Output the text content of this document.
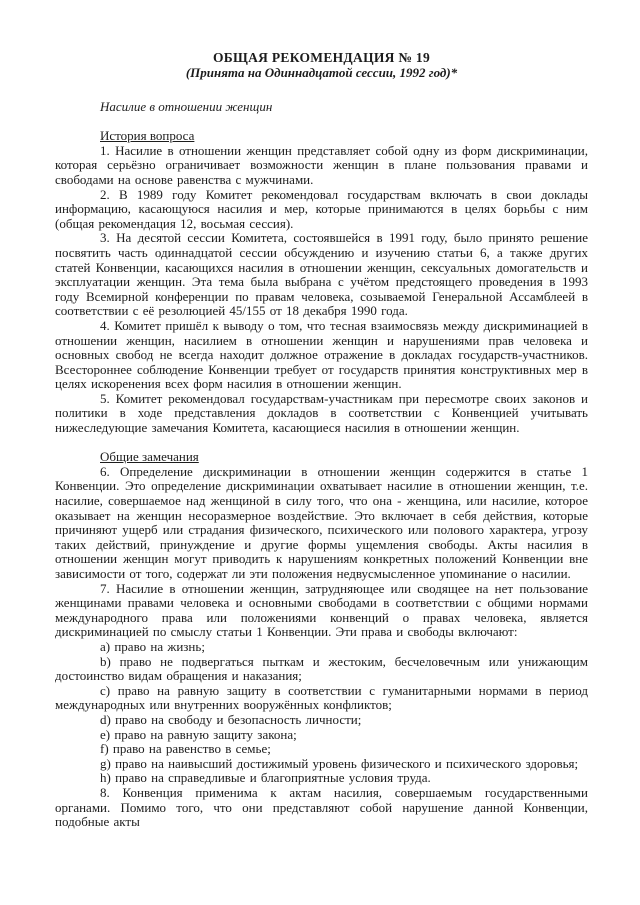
ОБЩАЯ РЕКОМЕНДАЦИЯ № 19
(Принята на Одиннадцатой сессии, 1992 год)*
Насилие в отношении женщин
История вопроса

1. Насилие в отношении женщин представляет собой одну из форм дискриминации, которая серьёзно ограничивает возможности женщин в плане пользования правами и свободами на основе равенства с мужчинами.

2. В 1989 году Комитет рекомендовал государствам включать в свои доклады информацию, касающуюся насилия и мер, которые принимаются в целях борьбы с ним (общая рекомендация 12, восьмая сессия).

3. На десятой сессии Комитета, состоявшейся в 1991 году, было принято решение посвятить часть одиннадцатой сессии обсуждению и изучению статьи 6, а также других статей Конвенции, касающихся насилия в отношении женщин, сексуальных домогательств и эксплуатации женщин. Эта тема была выбрана с учётом предстоящего проведения в 1993 году Всемирной конференции по правам человека, созываемой Генеральной Ассамблеей в соответствии с её резолюцией 45/155 от 18 декабря 1990 года.

4. Комитет пришёл к выводу о том, что тесная взаимосвязь между дискриминацией в отношении женщин, насилием в отношении женщин и нарушениями прав человека и основных свобод не всегда находит должное отражение в докладах государств-участников. Всестороннее соблюдение Конвенции требует от государств принятия конструктивных мер в целях искоренения всех форм насилия в отношении женщин.

5. Комитет рекомендовал государствам-участникам при пересмотре своих законов и политики в ходе представления докладов в соответствии с Конвенцией учитывать нижеследующие замечания Комитета, касающиеся насилия в отношении женщин.

Общие замечания

6. Определение дискриминации в отношении женщин содержится в статье 1 Конвенции. Это определение дискриминации охватывает насилие в отношении женщин, т.е. насилие, совершаемое над женщиной в силу того, что она - женщина, или насилие, которое оказывает на женщин несоразмерное воздействие. Это включает в себя действия, которые причиняют ущерб или страдания физического, психического или полового характера, угрозу таких действий, принуждение и другие формы ущемления свободы. Акты насилия в отношении женщин могут приводить к нарушениям конкретных положений Конвенции вне зависимости от того, содержат ли эти положения недвусмысленное упоминание о насилии.

7. Насилие в отношении женщин, затрудняющее или сводящее на нет пользование женщинами правами человека и основными свободами в соответствии с общими нормами международного права или положениями конвенций о правах человека, является дискриминацией по смыслу статьи 1 Конвенции. Эти права и свободы включают:

a) право на жизнь;

b) право не подвергаться пыткам и жестоким, бесчеловечным или унижающим достоинство видам обращения и наказания;

c) право на равную защиту в соответствии с гуманитарными нормами в период международных или внутренних вооружённых конфликтов;

d) право на свободу и безопасность личности;

e) право на равную защиту закона;

f) право на равенство в семье;

g) право на наивысший достижимый уровень физического и психического здоровья;

h) право на справедливые и благоприятные условия труда.

8. Конвенция применима к актам насилия, совершаемым государственными органами. Помимо того, что они представляют собой нарушение данной Конвенции, подобные акты
